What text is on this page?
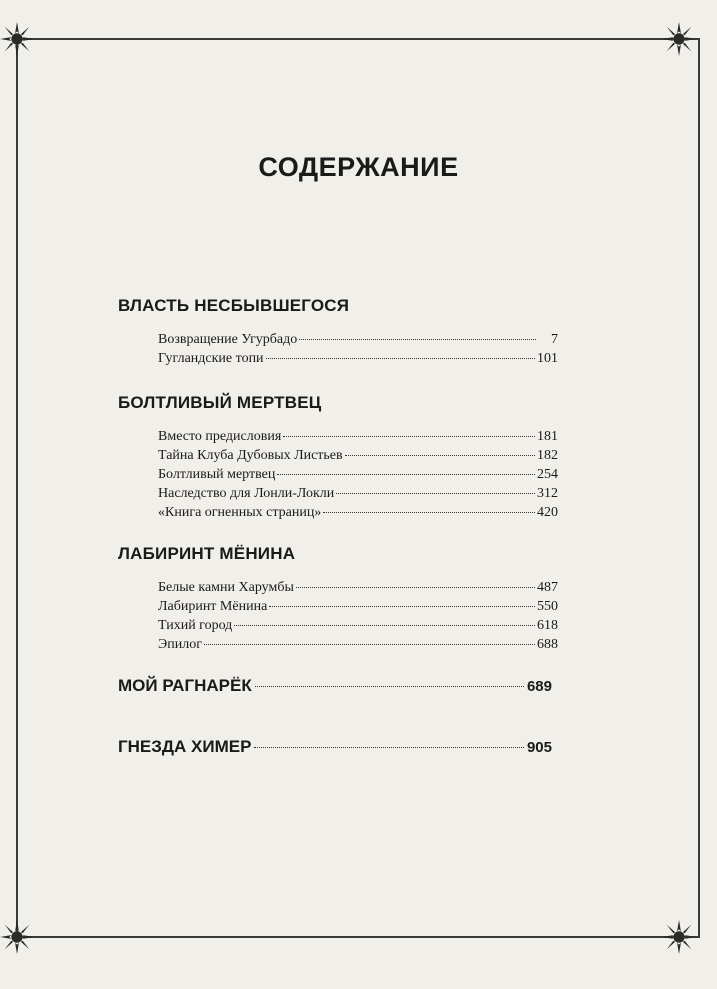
СОДЕРЖАНИЕ
ВЛАСТЬ НЕСБЫВШЕГОСЯ
Возвращение Угурбадо	7
Гугландские топи	101
БОЛТЛИВЫЙ МЕРТВЕЦ
Вместо предисловия	181
Тайна Клуба Дубовых Листьев	182
Болтливый мертвец	254
Наследство для Лонли-Локли	312
«Книга огненных страниц»	420
ЛАБИРИНТ МЁНИНА
Белые камни Харумбы	487
Лабиринт Мёнина	550
Тихий город	618
Эпилог	688
МОЙ РАГНАРЁК	689
ГНЕЗДА ХИМЕР	905
